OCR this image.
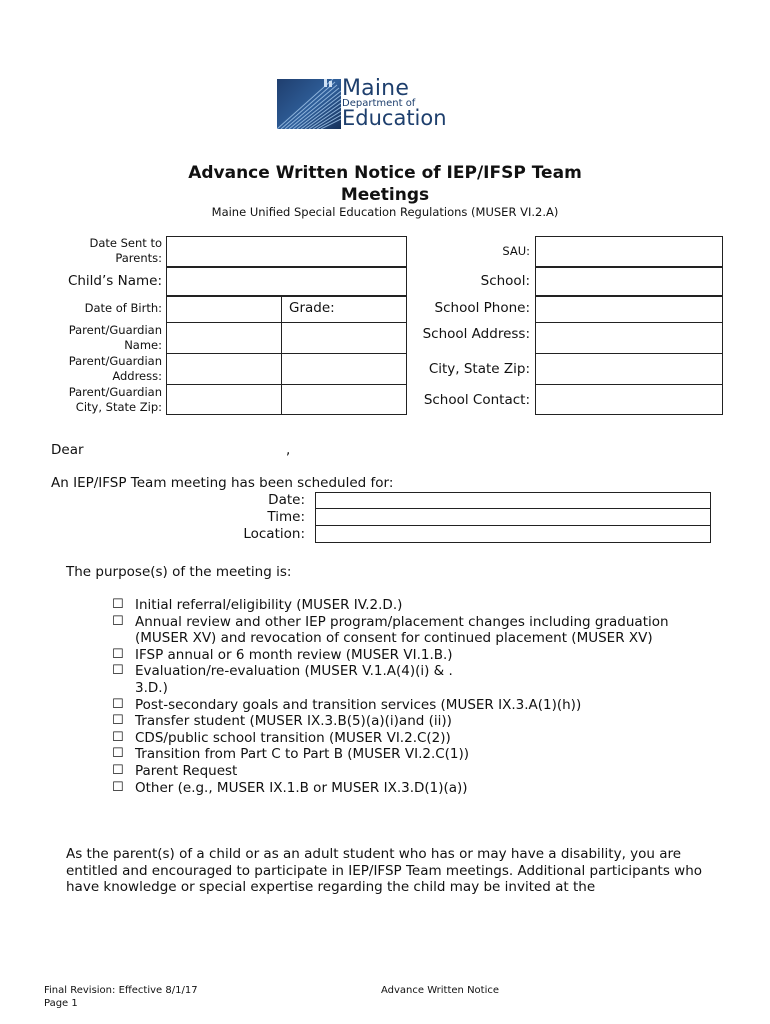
Maine
Department of
Education
Advance Written Notice of IEP/IFSP Team Meetings
Maine Unified Special Education Regulations (MUSER VI.2.A)
Date Sent to Parents:
Child’s Name:
Date of Birth:	Grade:
Parent/Guardian Name:
Parent/Guardian Address:
Parent/Guardian City, State Zip:
SAU:
School:
School Phone:
School Address:
City, State Zip:
School Contact:
Dear	,
An IEP/IFSP Team meeting has been scheduled for:
Date:
Time:
Location:
The purpose(s) of the meeting is:
☐ Initial referral/eligibility (MUSER IV.2.D.)
☐ Annual review and other IEP program/placement changes including graduation (MUSER XV) and revocation of consent for continued placement (MUSER XV)
☐ IFSP annual or 6 month review (MUSER VI.1.B.)
☐ Evaluation/re-evaluation (MUSER V.1.A(4)(i) & . 3.D.)
☐ Post-secondary goals and transition services (MUSER IX.3.A(1)(h))
☐ Transfer student (MUSER IX.3.B(5)(a)(i)and (ii))
☐ CDS/public school transition (MUSER VI.2.C(2))
☐ Transition from Part C to Part B (MUSER VI.2.C(1))
☐ Parent Request
☐ Other (e.g., MUSER IX.1.B or MUSER IX.3.D(1)(a))
As the parent(s) of a child or as an adult student who has or may have a disability, you are entitled and encouraged to participate in IEP/IFSP Team meetings. Additional participants who have knowledge or special expertise regarding the child may be invited at the
Final Revision: Effective 8/1/17
Page 1
Advance Written Notice
